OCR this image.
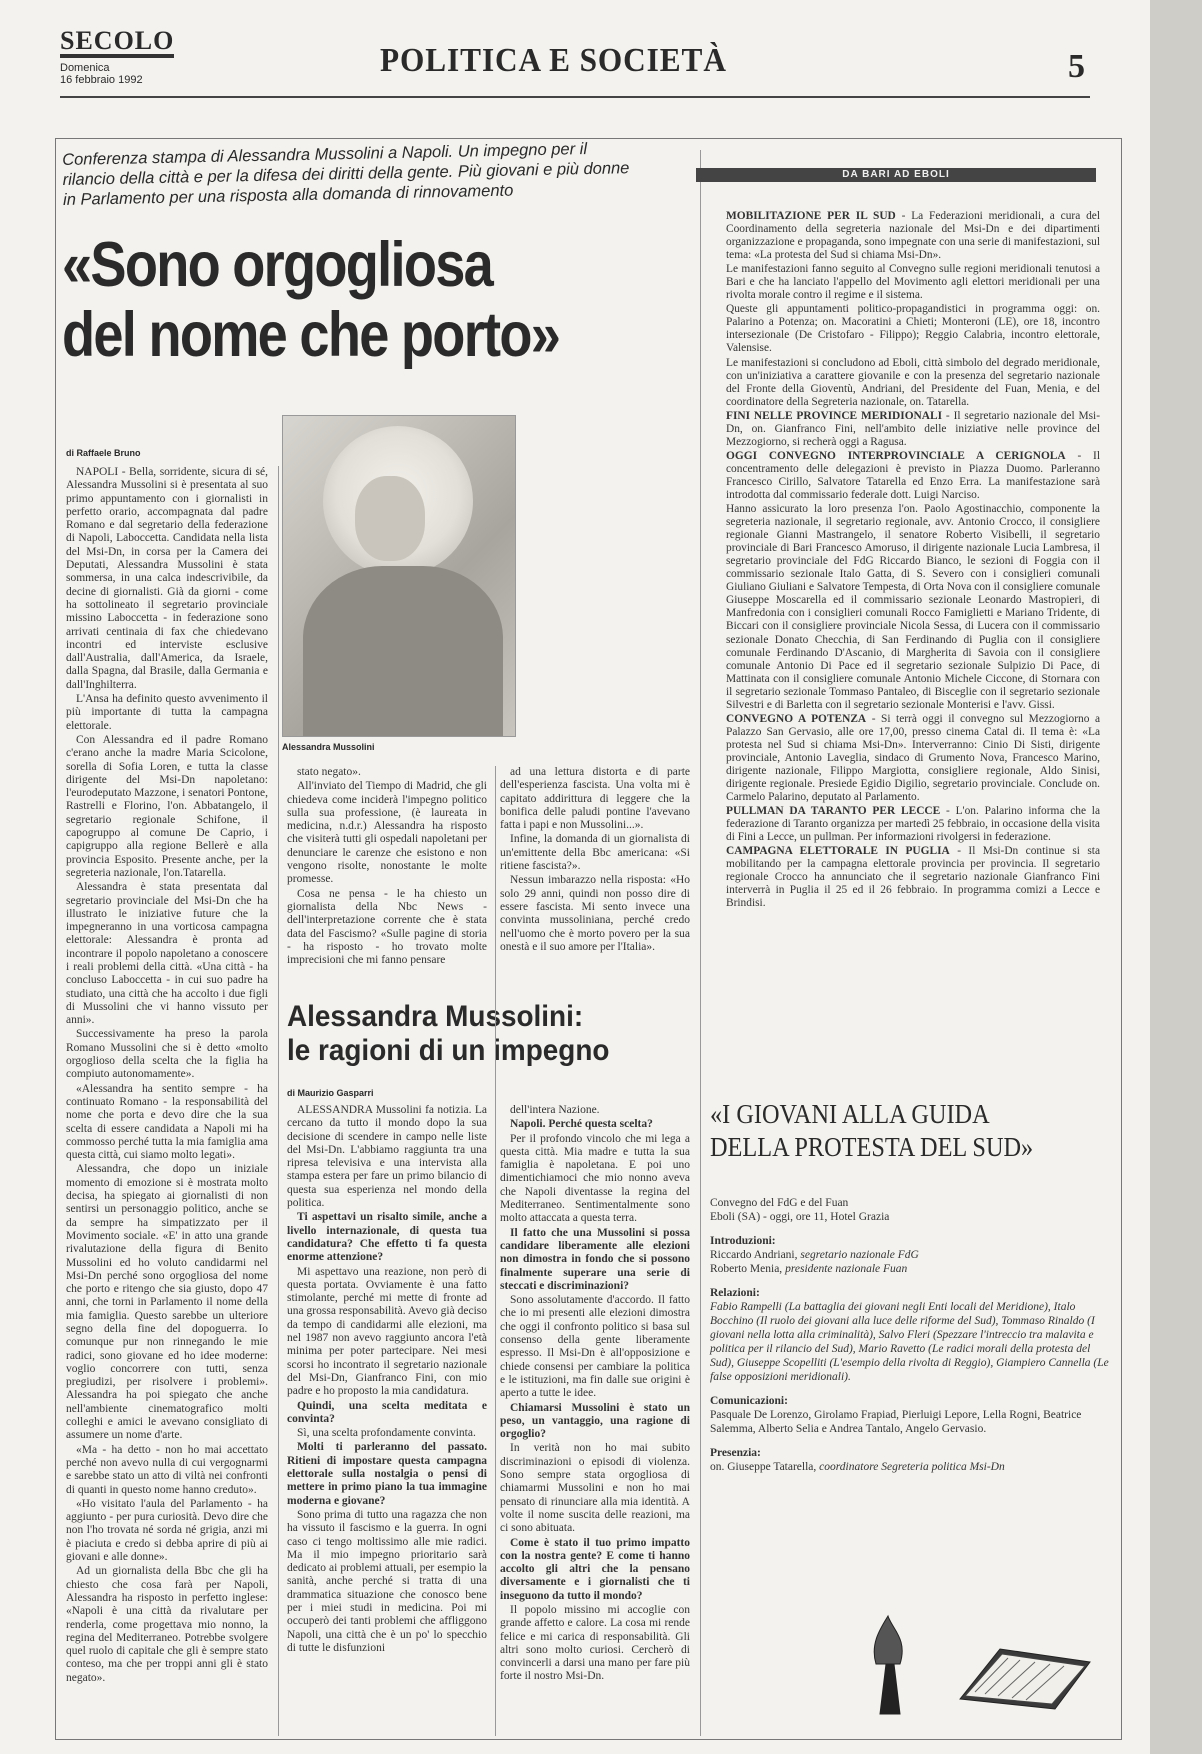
SECOLO
Domenica
16 febbraio 1992
POLITICA E SOCIETÀ	5
Conferenza stampa di Alessandra Mussolini a Napoli. Un impegno per il rilancio della città e per la difesa dei diritti della gente. Più giovani e più donne in Parlamento per una risposta alla domanda di rinnovamento
«Sono orgogliosa
del nome che porto»
di Raffaele Bruno

NAPOLI - Bella, sorridente, sicura di sé, Alessandra Mussolini si è presentata al suo primo appuntamento con i giornalisti in perfetto orario, accompagnata dal padre Romano e dal segretario della federazione di Napoli, Laboccetta. Candidata nella lista del Msi-Dn, in corsa per la Camera dei Deputati, Alessandra Mussolini è stata sommersa, in una calca indescrivibile, da decine di giornalisti. Già da giorni - come ha sottolineato il segretario provinciale missino Laboccetta - in federazione sono arrivati centinaia di fax che chiedevano incontri ed interviste esclusive dall'Australia, dall'America, da Israele, dalla Spagna, dal Brasile, dalla Germania e dall'Inghilterra.

L'Ansa ha definito questo avvenimento il più importante di tutta la campagna elettorale.

Con Alessandra ed il padre Romano c'erano anche la madre Maria Scicolone, sorella di Sofia Loren, e tutta la classe dirigente del Msi-Dn napoletano: l'eurodeputato Mazzone, i senatori Pontone, Rastrelli e Florino, l'on. Abbatangelo, il segretario regionale Schifone, il capogruppo al comune De Caprio, i capigruppo alla regione Bellerè e alla provincia Esposito. Presente anche, per la segreteria nazionale, l'on.Tatarella.

Alessandra è stata presentata dal segretario provinciale del Msi-Dn che ha illustrato le iniziative future che la impegneranno in una vorticosa campagna elettorale: Alessandra è pronta ad incontrare il popolo napoletano a conoscere i reali problemi della città. «Una città - ha concluso Laboccetta - in cui suo padre ha studiato, una città che ha accolto i due figli di Mussolini che vi hanno vissuto per anni».

Successivamente ha preso la parola Romano Mussolini che si è detto «molto orgoglioso della scelta che la figlia ha compiuto autonomamente».

«Alessandra ha sentito sempre - ha continuato Romano - la responsabilità del nome che porta e devo dire che la sua scelta di essere candidata a Napoli mi ha commosso perché tutta la mia famiglia ama questa città, cui siamo molto legati».

Alessandra, che dopo un iniziale momento di emozione si è mostrata molto decisa, ha spiegato ai giornalisti di non sentirsi un personaggio politico, anche se da sempre ha simpatizzato per il Movimento sociale. «E' in atto una grande rivalutazione della figura di Benito Mussolini ed ho voluto candidarmi nel Msi-Dn perché sono orgogliosa del nome che porto e ritengo che sia giusto, dopo 47 anni, che torni in Parlamento il nome della mia famiglia. Questo sarebbe un ulteriore segno della fine del dopoguerra. Io comunque pur non rinnegando le mie radici, sono giovane ed ho idee moderne: voglio concorrere con tutti, senza pregiudizi, per risolvere i problemi». Alessandra ha poi spiegato che anche nell'ambiente cinematografico molti colleghi e amici le avevano consigliato di assumere un nome d'arte.

«Ma - ha detto - non ho mai accettato perché non avevo nulla di cui vergognarmi e sarebbe stato un atto di viltà nei confronti di quanti in questo nome hanno creduto».

«Ho visitato l'aula del Parlamento - ha aggiunto - per pura curiosità. Devo dire che non l'ho trovata né sorda né grigia, anzi mi è piaciuta e credo si debba aprire di più ai giovani e alle donne».

Ad un giornalista della Bbc che gli ha chiesto che cosa farà per Napoli, Alessandra ha risposto in perfetto inglese: «Napoli è una città da rivalutare per renderla, come progettava mio nonno, la regina del Mediterraneo. Potrebbe svolgere quel ruolo di capitale che gli è sempre stato conteso, ma che per troppi anni gli è stato negato».

Alessandra Mussolini

stato negato».

All'inviato del Tiempo di Madrid, che gli chiedeva come inciderà l'impegno politico sulla sua professione, (è laureata in medicina, n.d.r.) Alessandra ha risposto che visiterà tutti gli ospedali napoletani per denunciare le carenze che esistono e non vengono risolte, nonostante le molte promesse.

Cosa ne pensa - le ha chiesto un giornalista della Nbc News - dell'interpretazione corrente che è stata data del Fascismo? «Sulle pagine di storia - ha risposto - ho trovato molte imprecisioni che mi fanno pensare

ad una lettura distorta e di parte dell'esperienza fascista. Una volta mi è capitato addirittura di leggere che la bonifica delle paludi pontine l'avevano fatta i papi e non Mussolini...».

Infine, la domanda di un giornalista di un'emittente della Bbc americana: «Si ritiene fascista?».

Nessun imbarazzo nella risposta: «Ho solo 29 anni, quindi non posso dire di essere fascista. Mi sento invece una convinta mussoliniana, perché credo nell'uomo che è morto povero per la sua onestà e il suo amore per l'Italia».

Alessandra Mussolini:
le ragioni di un impegno
di Maurizio Gasparri

ALESSANDRA Mussolini fa notizia. La cercano da tutto il mondo dopo la sua decisione di scendere in campo nelle liste del Msi-Dn. L'abbiamo raggiunta tra una ripresa televisiva e una intervista alla stampa estera per fare un primo bilancio di questa sua esperienza nel mondo della politica.

Ti aspettavi un risalto simile, anche a livello internazionale, di questa tua candidatura? Che effetto ti fa questa enorme attenzione?

Mi aspettavo una reazione, non però di questa portata. Ovviamente è una fatto stimolante, perché mi mette di fronte ad una grossa responsabilità. Avevo già deciso da tempo di candidarmi alle elezioni, ma nel 1987 non avevo raggiunto ancora l'età minima per poter partecipare. Nei mesi scorsi ho incontrato il segretario nazionale del Msi-Dn, Gianfranco Fini, con mio padre e ho proposto la mia candidatura.

Quindi, una scelta meditata e convinta?

Sì, una scelta profondamente convinta.

Molti ti parleranno del passato. Ritieni di impostare questa campagna elettorale sulla nostalgia o pensi di mettere in primo piano la tua immagine moderna e giovane?

Sono prima di tutto una ragazza che non ha vissuto il fascismo e la guerra. In ogni caso ci tengo moltissimo alle mie radici. Ma il mio impegno prioritario sarà dedicato ai problemi attuali, per esempio la sanità, anche perché si tratta di una drammatica situazione che conosco bene per i miei studi in medicina. Poi mi occuperò dei tanti problemi che affliggono Napoli, una città che è un po' lo specchio di tutte le disfunzioni

dell'intera Nazione.

Napoli. Perché questa scelta?

Per il profondo vincolo che mi lega a questa città. Mia madre e tutta la sua famiglia è napoletana. E poi uno dimentichiamoci che mio nonno aveva che Napoli diventasse la regina del Mediterraneo. Sentimentalmente sono molto attaccata a questa terra.

Il fatto che una Mussolini si possa candidare liberamente alle elezioni non dimostra in fondo che si possono finalmente superare una serie di steccati e discriminazioni?

Sono assolutamente d'accordo. Il fatto che io mi presenti alle elezioni dimostra che oggi il confronto politico si basa sul consenso della gente liberamente espresso. Il Msi-Dn è all'opposizione e chiede consensi per cambiare la politica e le istituzioni, ma fin dalle sue origini è aperto a tutte le idee.

Chiamarsi Mussolini è stato un peso, un vantaggio, una ragione di orgoglio?

In verità non ho mai subito discriminazioni o episodi di violenza. Sono sempre stata orgogliosa di chiamarmi Mussolini e non ho mai pensato di rinunciare alla mia identità. A volte il nome suscita delle reazioni, ma ci sono abituata.

Come è stato il tuo primo impatto con la nostra gente? E come ti hanno accolto gli altri che la pensano diversamente e i giornalisti che ti inseguono da tutto il mondo?

Il popolo missino mi accoglie con grande affetto e calore. La cosa mi rende felice e mi carica di responsabilità. Gli altri sono molto curiosi. Cercherò di convincerli a darsi una mano per fare più forte il nostro Msi-Dn.

DA BARI AD EBOLI

MOBILITAZIONE PER IL SUD - La Federazioni meridionali, a cura del Coordinamento della segreteria nazionale del Msi-Dn e dei dipartimenti organizzazione e propaganda, sono impegnate con una serie di manifestazioni, sul tema: «La protesta del Sud si chiama Msi-Dn».

Le manifestazioni fanno seguito al Convegno sulle regioni meridionali tenutosi a Bari e che ha lanciato l'appello del Movimento agli elettori meridionali per una rivolta morale contro il regime e il sistema.

Queste gli appuntamenti politico-propagandistici in programma oggi: on. Palarino a Potenza; on. Macoratini a Chieti; Monteroni (LE), ore 18, incontro intersezionale (De Cristofaro - Filippo); Reggio Calabria, incontro elettorale, Valensise.

Le manifestazioni si concludono ad Eboli, città simbolo del degrado meridionale, con un'iniziativa a carattere giovanile e con la presenza del segretario nazionale del Fronte della Gioventù, Andriani, del Presidente del Fuan, Menia, e del coordinatore della Segreteria nazionale, on. Tatarella.

FINI NELLE PROVINCE MERIDIONALI - Il segretario nazionale del Msi-Dn, on. Gianfranco Fini, nell'ambito delle iniziative nelle province del Mezzogiorno, si recherà oggi a Ragusa.

OGGI CONVEGNO INTERPROVINCIALE A CERIGNOLA - Il concentramento delle delegazioni è previsto in Piazza Duomo. Parleranno Francesco Cirillo, Salvatore Tatarella ed Enzo Erra. La manifestazione sarà introdotta dal commissario federale dott. Luigi Narciso.

Hanno assicurato la loro presenza l'on. Paolo Agostinacchio, componente la segreteria nazionale, il segretario regionale, avv. Antonio Crocco, il consigliere regionale Gianni Mastrangelo, il senatore Roberto Visibelli, il segretario provinciale di Bari Francesco Amoruso, il dirigente nazionale Lucia Lambresa, il segretario provinciale del FdG Riccardo Bianco, le sezioni di Foggia con il commissario sezionale Italo Gatta, di S. Severo con i consiglieri comunali Giuliano Giuliani e Salvatore Tempesta, di Orta Nova con il consigliere comunale Giuseppe Moscarella ed il commissario sezionale Leonardo Mastropieri, di Manfredonia con i consiglieri comunali Rocco Famiglietti e Mariano Tridente, di Biccari con il consigliere provinciale Nicola Sessa, di Lucera con il commissario sezionale Donato Checchia, di San Ferdinando di Puglia con il consigliere comunale Ferdinando D'Ascanio, di Margherita di Savoia con il consigliere comunale Antonio Di Pace ed il segretario sezionale Sulpizio Di Pace, di Mattinata con il consigliere comunale Antonio Michele Ciccone, di Stornara con il segretario sezionale Tommaso Pantaleo, di Bisceglie con il segretario sezionale Silvestri e di Barletta con il segretario sezionale Monterisi e l'avv. Gissi.

CONVEGNO A POTENZA - Si terrà oggi il convegno sul Mezzogiorno a Palazzo San Gervasio, alle ore 17,00, presso cinema Catal di. Il tema è: «La protesta nel Sud si chiama Msi-Dn». Interverranno: Cinio Di Sisti, dirigente provinciale, Antonio Laveglia, sindaco di Grumento Nova, Francesco Marino, dirigente nazionale, Filippo Margiotta, consigliere regionale, Aldo Sinisi, dirigente regionale. Presiede Egidio Digilio, segretario provinciale. Conclude on. Carmelo Palarino, deputato al Parlamento.

PULLMAN DA TARANTO PER LECCE - L'on. Palarino informa che la federazione di Taranto organizza per martedì 25 febbraio, in occasione della visita di Fini a Lecce, un pullman. Per informazioni rivolgersi in federazione.

CAMPAGNA ELETTORALE IN PUGLIA - Il Msi-Dn continue si sta mobilitando per la campagna elettorale provincia per provincia. Il segretario regionale Crocco ha annunciato che il segretario nazionale Gianfranco Fini interverrà in Puglia il 25 ed il 26 febbraio. In programma comizi a Lecce e Brindisi.

«I GIOVANI ALLA GUIDA
DELLA PROTESTA DEL SUD»
Convegno del FdG e del Fuan
Eboli (SA) - oggi, ore 11, Hotel Grazia
Introduzioni:
Riccardo Andriani, segretario nazionale FdG
Roberto Menia, presidente nazionale Fuan
Relazioni:
Fabio Rampelli (La battaglia dei giovani negli Enti locali del Meridione), Italo Bocchino (Il ruolo dei giovani alla luce delle riforme del Sud), Tommaso Rinaldo (I giovani nella lotta alla criminalità), Salvo Fleri (Spezzare l'intreccio tra malavita e politica per il rilancio del Sud), Mario Ravetto (Le radici morali della protesta del Sud), Giuseppe Scopelliti (L'esempio della rivolta di Reggio), Giampiero Cannella (Le false opposizioni meridionali).
Comunicazioni:
Pasquale De Lorenzo, Girolamo Frapiad, Pierluigi Lepore, Lella Rogni, Beatrice Salemma, Alberto Selia e Andrea Tantalo, Angelo Gervasio.
Presenzia:
on. Giuseppe Tatarella, coordinatore Segreteria politica Msi-Dn
